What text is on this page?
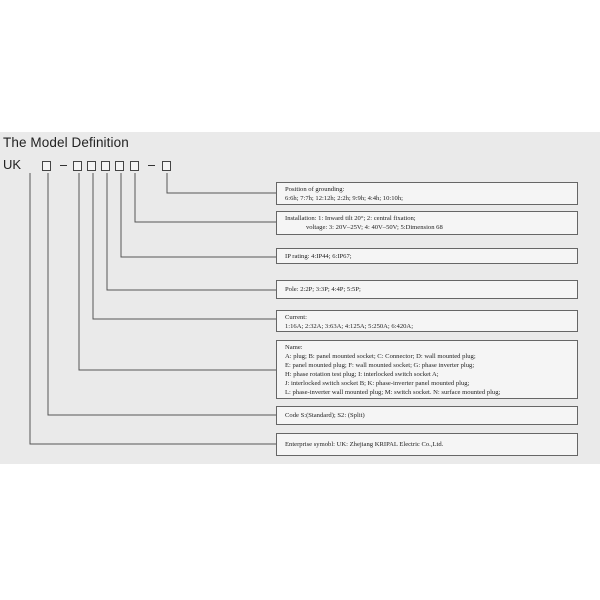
The Model Definition
UK
Position of grounding:
6:6h; 7:7h; 12:12h; 2:2h; 9:9h; 4:4h; 10:10h;
Installation: 1: Inward tilt 20°; 2: central fixation;
voltage: 3: 20V–25V; 4: 40V–50V; 5:Dimension 68
IP rating: 4:IP44; 6:IP67;
Pole: 2:2P; 3:3P; 4:4P; 5:5P;
Current:
1:16A; 2:32A; 3:63A; 4:125A; 5:250A; 6:420A;
Name:
A: plug; B: panel mounted socket; C: Connector; D: wall mounted plug;
E: panel mounted plug; F: wall mounted socket; G: phase inverter plug;
H: phase rotation test plug; I: interlocked switch socket A;
J: interlocked switch socket B; K: phase-inverter panel mounted plug;
L: phase-inverter wall mounted plug; M: switch socket. N: surface mounted plug;
Code S:(Standard); S2: (Split)
Enterprise symobl: UK: Zhejiang KRIPAL Electric Co.,Ltd.
